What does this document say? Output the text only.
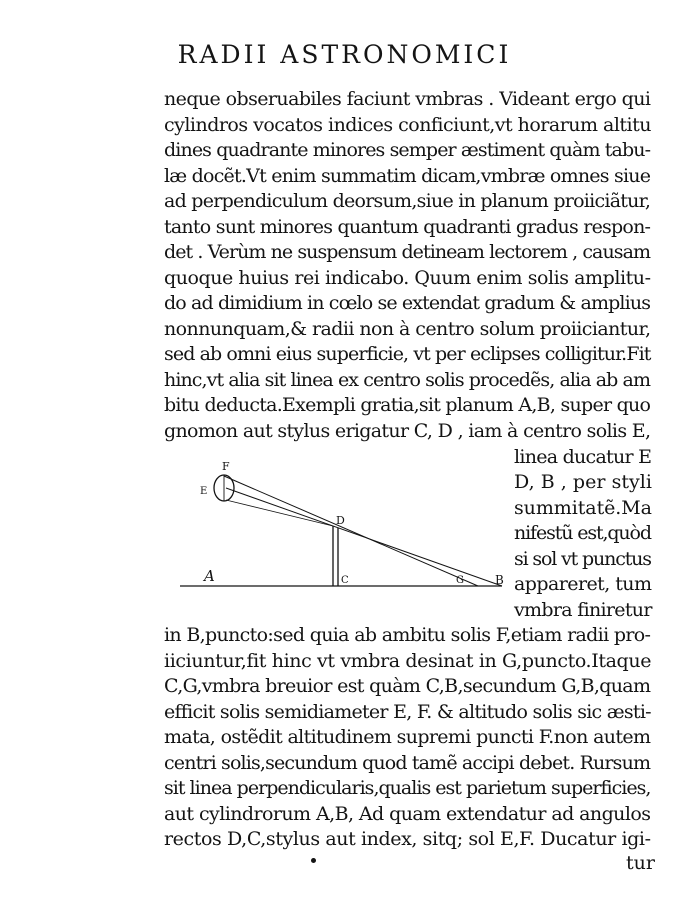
RADII ASTRONOMICI
neque obseruabiles faciunt vmbras . Videant ergo qui
cylindros vocatos indices conficiunt,vt horarum altitu
dines quadrante minores semper æstiment quàm tabu-
læ docẽt.Vt enim summatim dicam,vmbræ omnes siue
ad perpendiculum deorsum,siue in planum proiiciãtur,
tanto sunt minores quantum quadranti gradus respon-
det . Verùm ne suspensum detineam lectorem , causam
quoque huius rei indicabo. Quum enim solis amplitu-
do ad dimidium in cœlo se extendat gradum & amplius
nonnunquam,& radii non à centro solum proiiciantur,
sed ab omni eius superficie, vt per eclipses colligitur.Fit
hinc,vt alia sit linea ex centro solis procedẽs, alia ab am
bitu deducta.Exempli gratia,sit planum A,B, super quo
gnomon aut stylus erigatur C, D , iam à centro solis E,
linea ducatur E
D, B , per styli
summitatẽ.Ma
nifestũ est,quòd
si sol vt punctus
appareret, tum
vmbra finiretur
F
E
D
C	G	B
A
in B,puncto:sed quia ab ambitu solis F,etiam radii pro-
iiciuntur,fit hinc vt vmbra desinat in G,puncto.Itaque
C,G,vmbra breuior est quàm C,B,secundum G,B,quam
efficit solis semidiameter E, F. & altitudo solis sic æsti-
mata, ostẽdit altitudinem supremi puncti F.non autem
centri solis,secundum quod tamẽ accipi debet. Rursum
sit linea perpendicularis,qualis est parietum superficies,
aut cylindrorum A,B, Ad quam extendatur ad angulos
rectos D,C,stylus aut index, sitq; sol E,F. Ducatur igi-
tur
